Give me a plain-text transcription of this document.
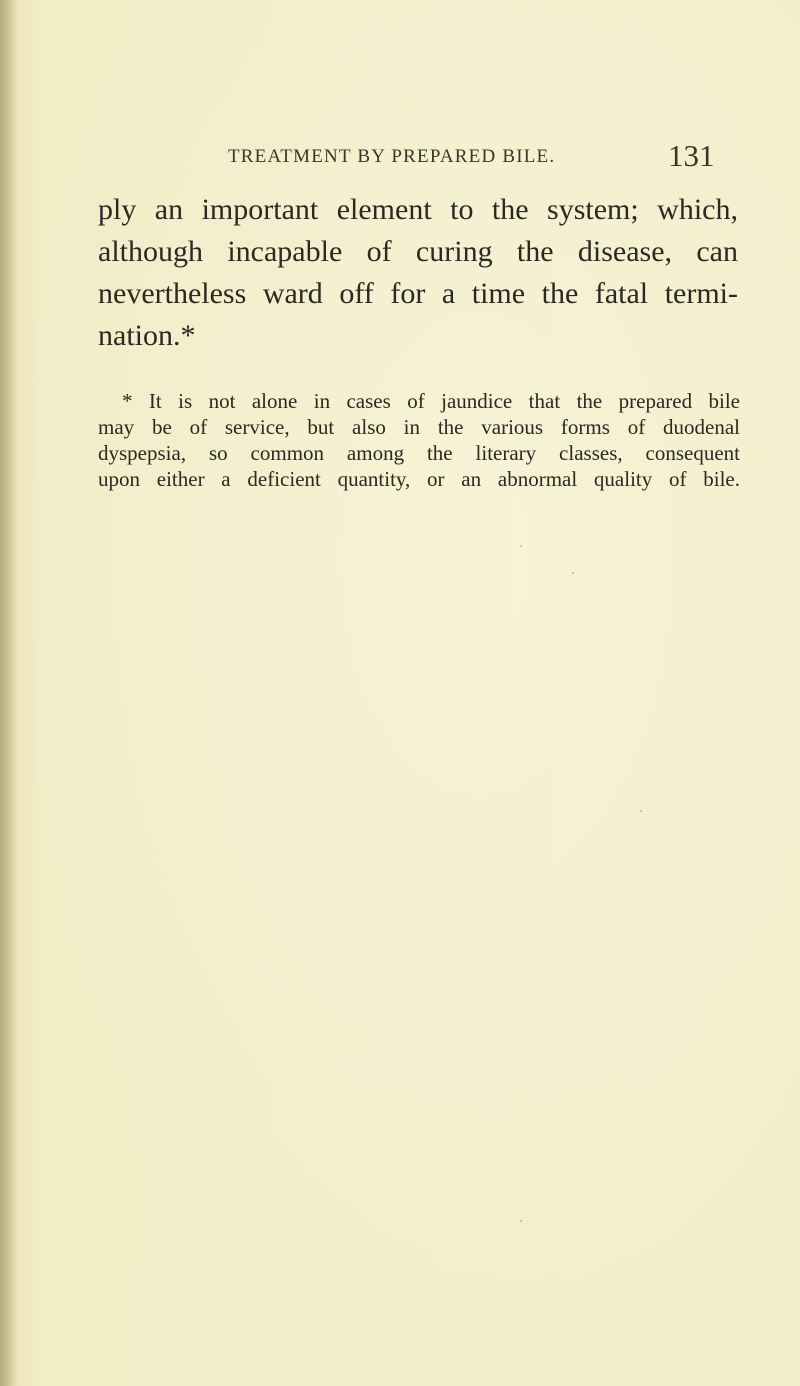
TREATMENT BY PREPARED BILE.	131
ply an important element to the system; which,
although incapable of curing the disease, can
nevertheless ward off for a time the fatal termi-
nation.*
* It is not alone in cases of jaundice that the prepared bile
may be of service, but also in the various forms of duodenal
dyspepsia, so common among the literary classes, consequent
upon either a deficient quantity, or an abnormal quality of bile.
